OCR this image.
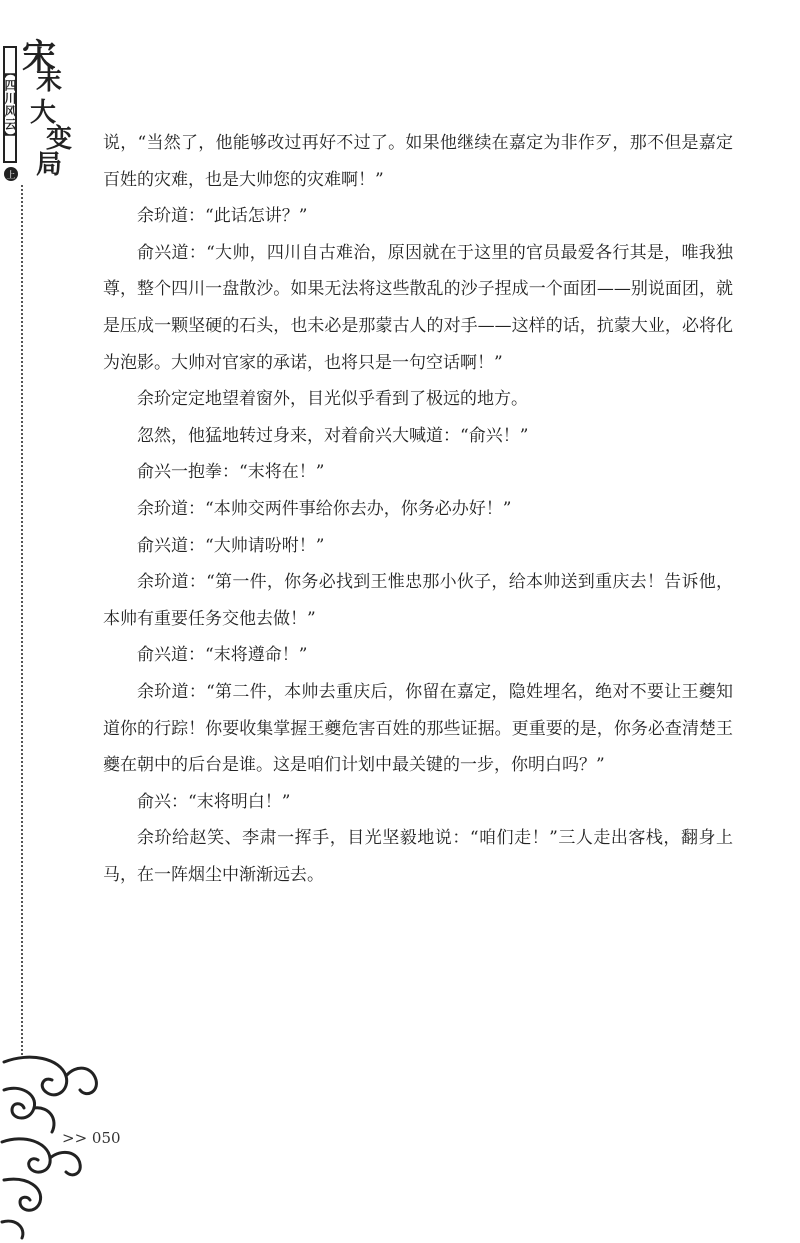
【四川风云】
上
宋
末
大
变
局

说，“当然了，他能够改过再好不过了。如果他继续在嘉定为非作歹，那不但是嘉定百姓的灾难，也是大帅您的灾难啊！”

余玠道：“此话怎讲？”

俞兴道：“大帅，四川自古难治，原因就在于这里的官员最爱各行其是，唯我独尊，整个四川一盘散沙。如果无法将这些散乱的沙子捏成一个面团——别说面团，就是压成一颗坚硬的石头，也未必是那蒙古人的对手——这样的话，抗蒙大业，必将化为泡影。大帅对官家的承诺，也将只是一句空话啊！”

余玠定定地望着窗外，目光似乎看到了极远的地方。

忽然，他猛地转过身来，对着俞兴大喊道：“俞兴！”

俞兴一抱拳：“末将在！”

余玠道：“本帅交两件事给你去办，你务必办好！”

俞兴道：“大帅请吩咐！”

余玠道：“第一件，你务必找到王惟忠那小伙子，给本帅送到重庆去！告诉他，本帅有重要任务交他去做！”

俞兴道：“末将遵命！”

余玠道：“第二件，本帅去重庆后，你留在嘉定，隐姓埋名，绝对不要让王夔知道你的行踪！你要收集掌握王夔危害百姓的那些证据。更重要的是，你务必查清楚王夔在朝中的后台是谁。这是咱们计划中最关键的一步，你明白吗？”

俞兴：“末将明白！”

余玠给赵笑、李肃一挥手，目光坚毅地说：“咱们走！”三人走出客栈，翻身上马，在一阵烟尘中渐渐远去。

>> 050
